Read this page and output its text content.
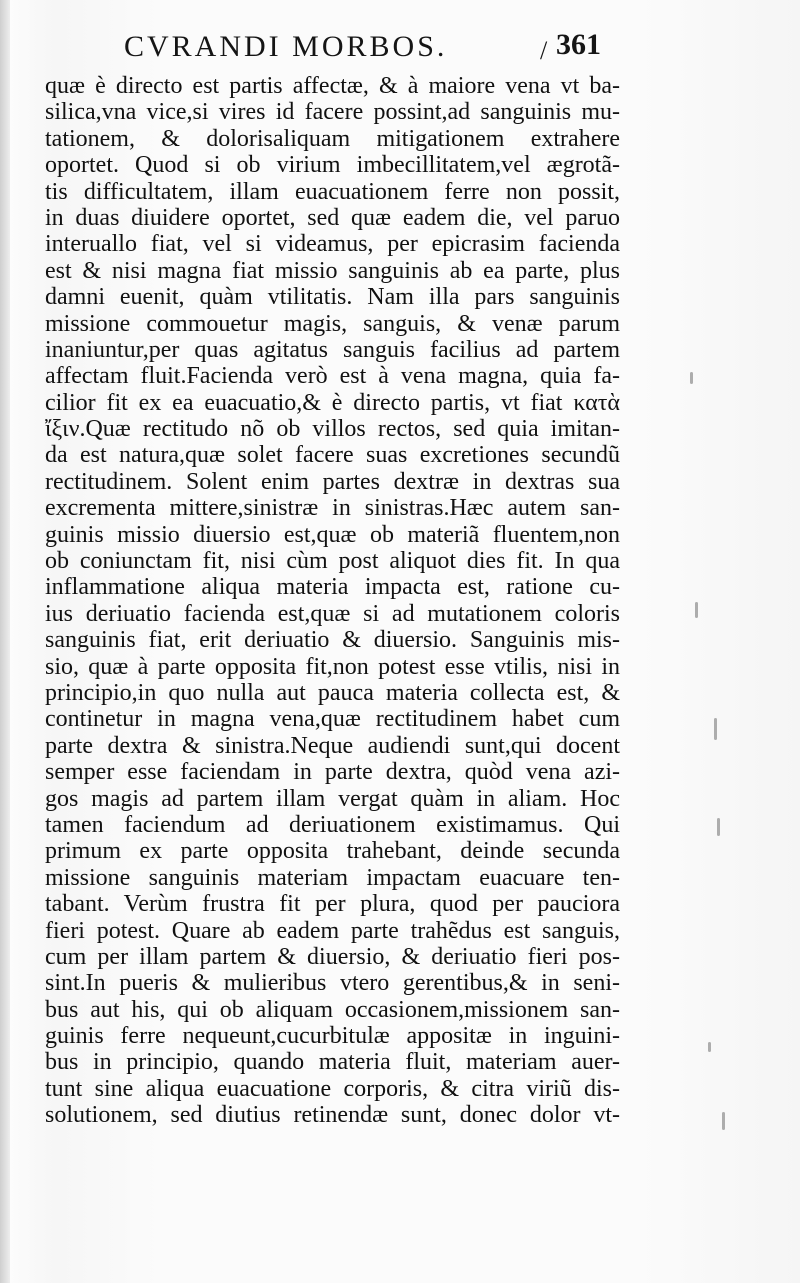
CVRANDI MORBOS.	/ 361
quæ è directo est partis affectæ, & à maiore vena vt ba-
silica,vna vice,si vires id facere possint,ad sanguinis mu-
tationem, & dolorisaliquam mitigationem extrahere
oportet. Quod si ob virium imbecillitatem,vel ægrotã-
tis difficultatem, illam euacuationem ferre non possit,
in duas diuidere oportet, sed quæ eadem die, vel paruo
interuallo fiat, vel si videamus, per epicrasim facienda
est & nisi magna fiat missio sanguinis ab ea parte, plus
damni euenit, quàm vtilitatis. Nam illa pars sanguinis
missione commouetur magis, sanguis, & venæ parum
inaniuntur,per quas agitatus sanguis facilius ad partem
affectam fluit.Facienda verò est à vena magna, quia fa-
cilior fit ex ea euacuatio,& è directo partis, vt fiat κατὰ
ἴξιν.Quæ rectitudo nõ ob villos rectos, sed quia imitan-
da est natura,quæ solet facere suas excretiones secundũ
rectitudinem. Solent enim partes dextræ in dextras sua
excrementa mittere,sinistræ in sinistras.Hæc autem san-
guinis missio diuersio est,quæ ob materiã fluentem,non
ob coniunctam fit, nisi cùm post aliquot dies fit. In qua
inflammatione aliqua materia impacta est, ratione cu-
ius deriuatio facienda est,quæ si ad mutationem coloris
sanguinis fiat, erit deriuatio & diuersio. Sanguinis mis-
sio, quæ à parte opposita fit,non potest esse vtilis, nisi in
principio,in quo nulla aut pauca materia collecta est, &
continetur in magna vena,quæ rectitudinem habet cum
parte dextra & sinistra.Neque audiendi sunt,qui docent
semper esse faciendam in parte dextra, quòd vena azi-
gos magis ad partem illam vergat quàm in aliam. Hoc
tamen faciendum ad deriuationem existimamus. Qui
primum ex parte opposita trahebant, deinde secunda
missione sanguinis materiam impactam euacuare ten-
tabant. Verùm frustra fit per plura, quod per pauciora
fieri potest. Quare ab eadem parte trahẽdus est sanguis,
cum per illam partem & diuersio, & deriuatio fieri pos-
sint.In pueris & mulieribus vtero gerentibus,& in seni-
bus aut his, qui ob aliquam occasionem,missionem san-
guinis ferre nequeunt,cucurbitulæ appositæ in inguini-
bus in principio, quando materia fluit, materiam auer-
tunt sine aliqua euacuatione corporis, & citra viriũ dis-
solutionem, sed diutius retinendæ sunt, donec dolor vt-
